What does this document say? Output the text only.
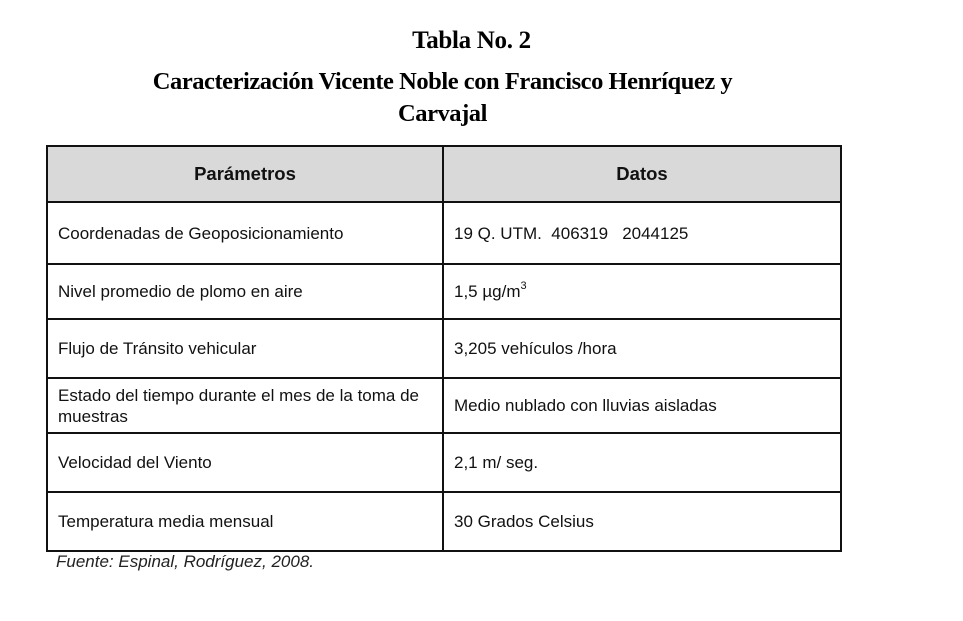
Tabla No. 2
Caracterización Vicente Noble con Francisco Henríquez y
Carvajal
Parámetros	Datos
Coordenadas de Geoposicionamiento	19 Q. UTM.  406319   2044125
Nivel promedio de plomo en aire	1,5 $\mu g/m^3$
Flujo de Tránsito vehicular	3,205 vehículos /hora
Estado del tiempo durante el mes de la toma de muestras	Medio nublado con lluvias aisladas
Velocidad del Viento	2,1 m/ seg.
Temperatura media mensual	30 Grados Celsius
Fuente: Espinal, Rodríguez, 2008.
